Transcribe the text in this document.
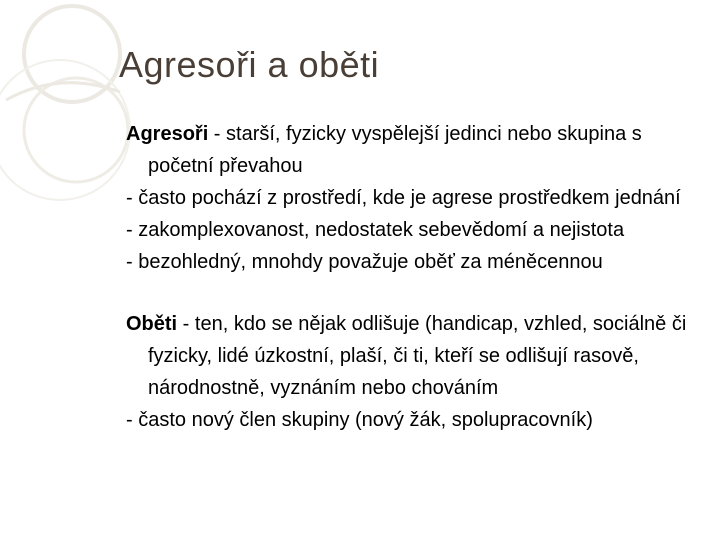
Agresoři a oběti

Agresoři - starší, fyzicky vyspělejší jedinci nebo skupina s početní převahou

- často pochází z prostředí, kde je agrese prostředkem jednání

- zakomplexovanost, nedostatek sebevědomí a nejistota

- bezohledný, mnohdy považuje oběť za méněcennou

Oběti - ten, kdo se nějak odlišuje (handicap, vzhled, sociálně či fyzicky, lidé úzkostní, plaší, či ti, kteří se odlišují rasově, národnostně, vyznáním nebo chováním

- často nový člen skupiny (nový žák, spolupracovník)
